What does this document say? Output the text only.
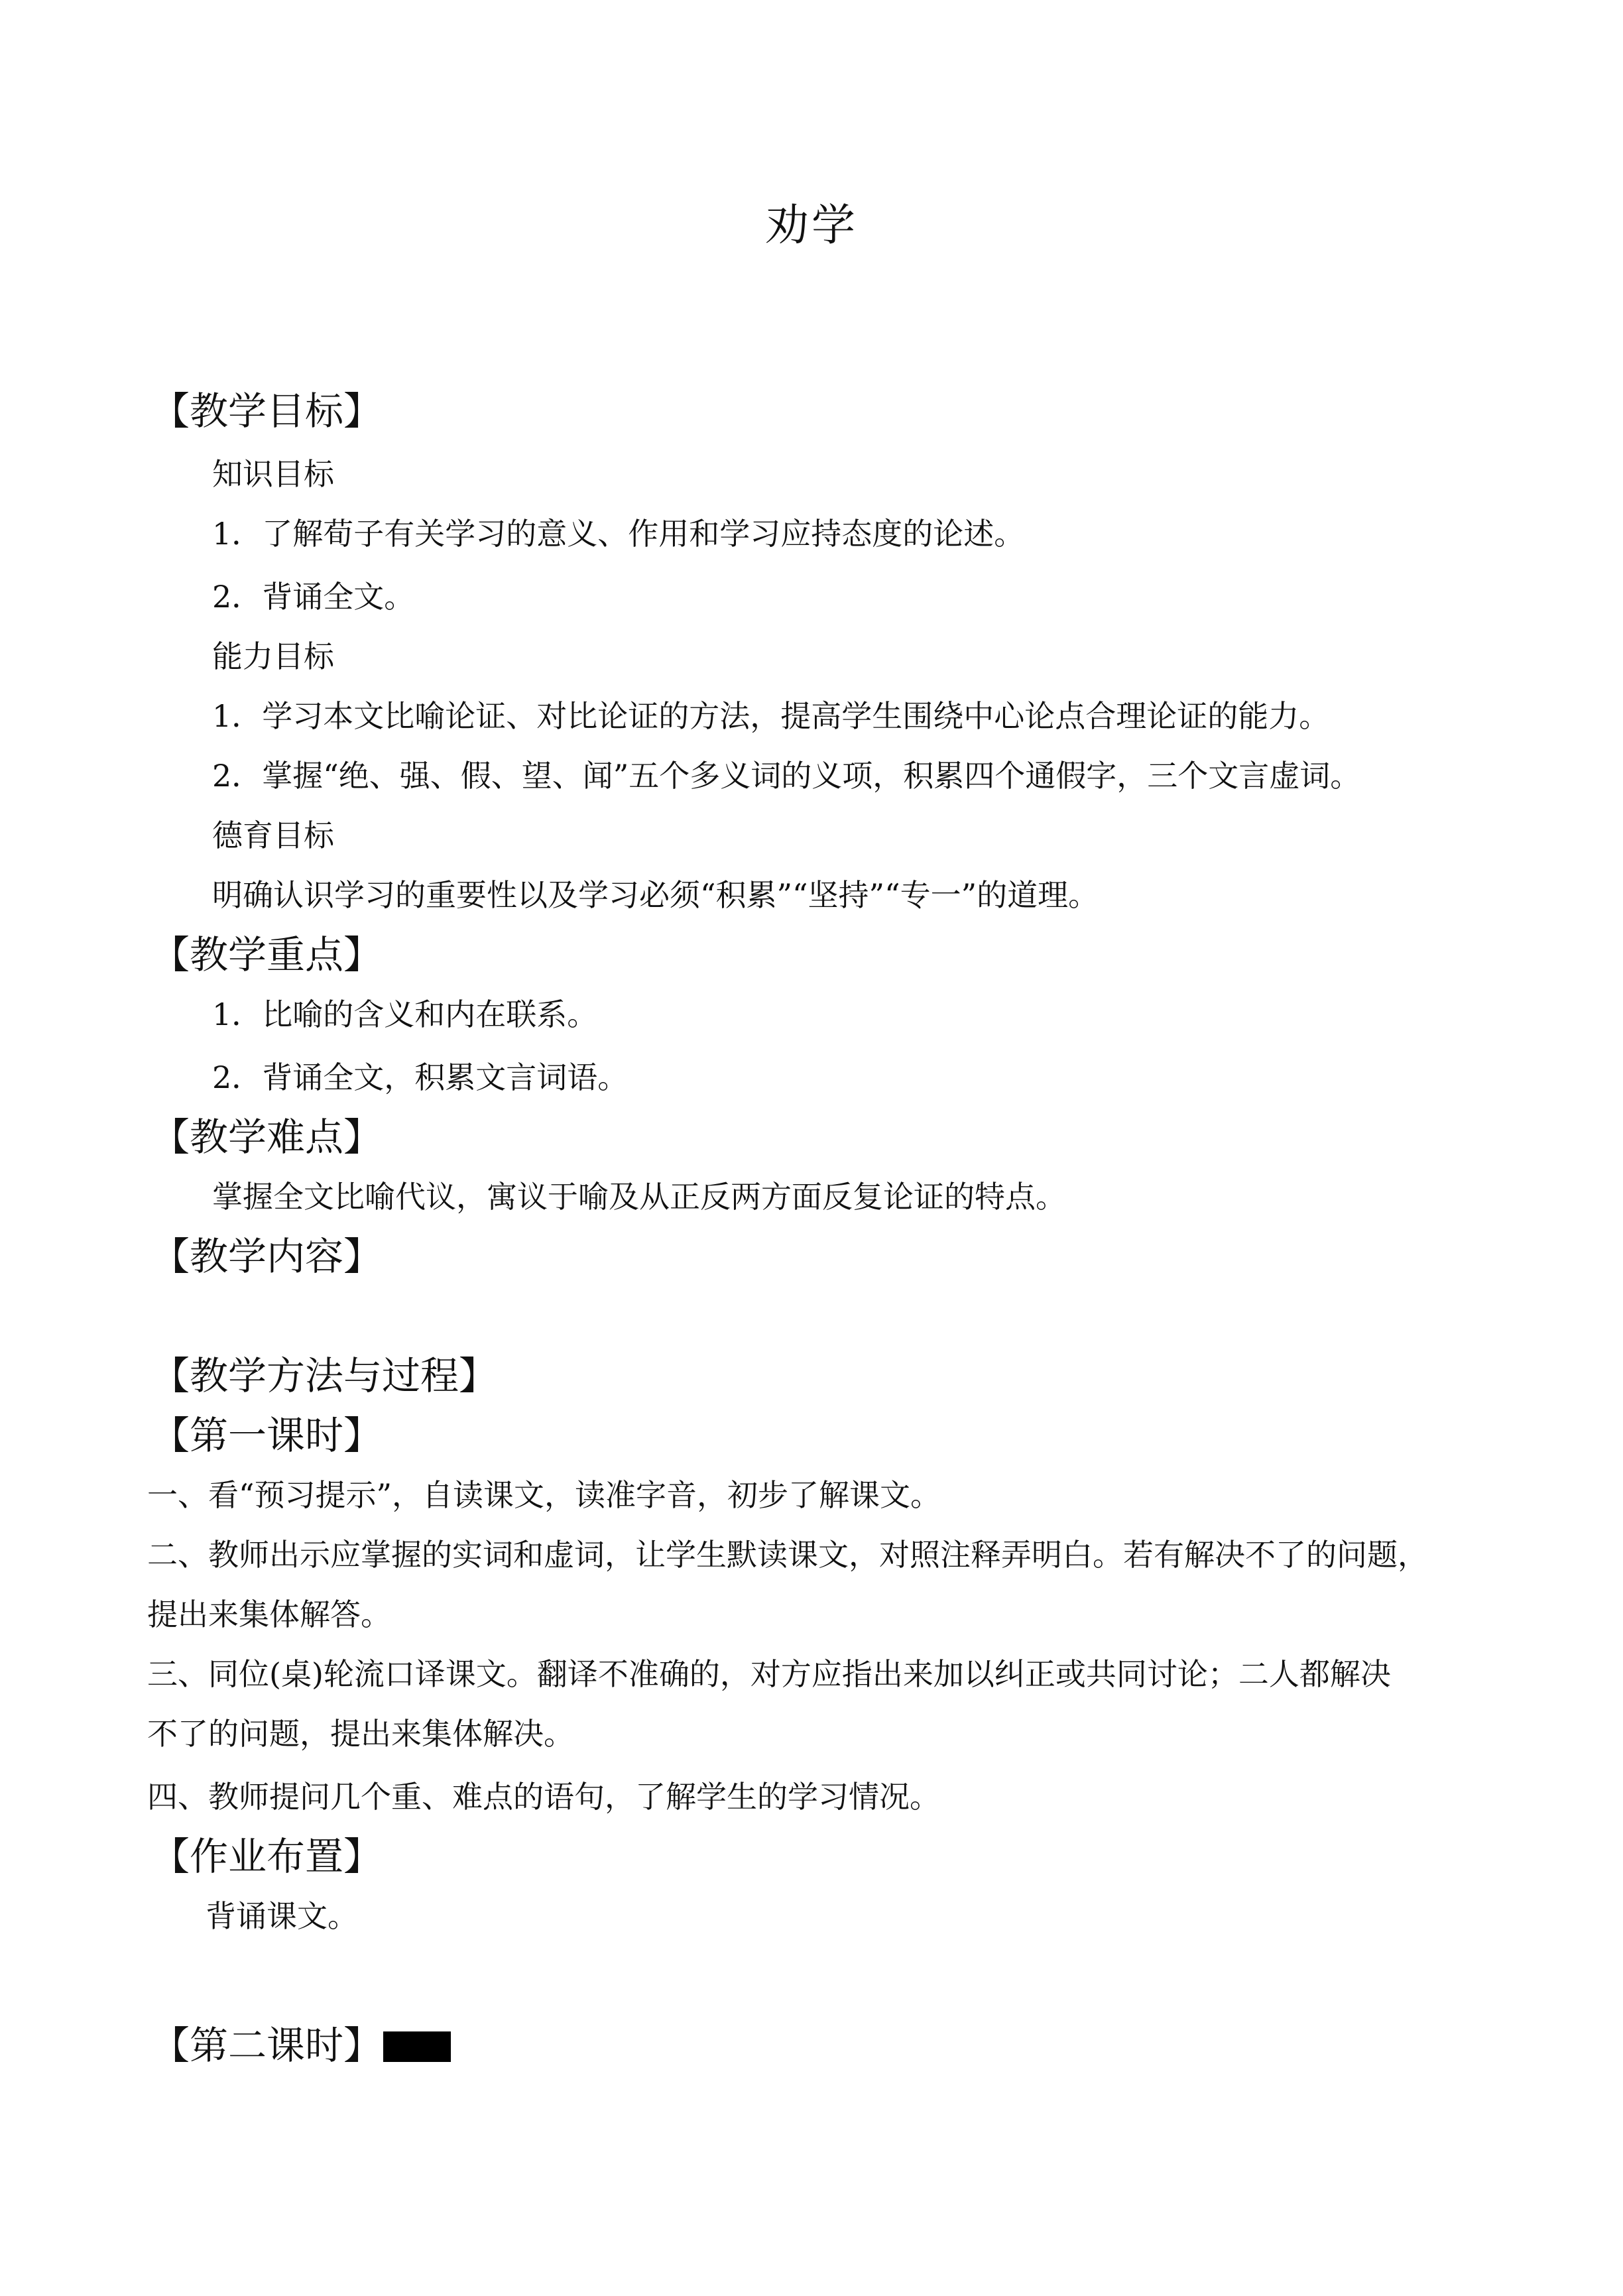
劝学
【教学目标】
知识目标
1．了解荀子有关学习的意义、作用和学习应持态度的论述。
2．背诵全文。
能力目标
1．学习本文比喻论证、对比论证的方法，提高学生围绕中心论点合理论证的能力。
2．掌握“绝、强、假、望、闻”五个多义词的义项，积累四个通假字，三个文言虚词。
德育目标
明确认识学习的重要性以及学习必须“积累”“坚持”“专一”的道理。
【教学重点】
1．比喻的含义和内在联系。
2．背诵全文，积累文言词语。
【教学难点】
掌握全文比喻代议，寓议于喻及从正反两方面反复论证的特点。
【教学内容】
【教学方法与过程】
【第一课时】
一、看“预习提示”，自读课文，读准字音，初步了解课文。
二、教师出示应掌握的实词和虚词，让学生默读课文，对照注释弄明白。若有解决不了的问题，
提出来集体解答。
三、同位(桌)轮流口译课文。翻译不准确的，对方应指出来加以纠正或共同讨论；二人都解决
不了的问题，提出来集体解决。
四、教师提问几个重、难点的语句，了解学生的学习情况。
【作业布置】
背诵课文。
【第二课时】
